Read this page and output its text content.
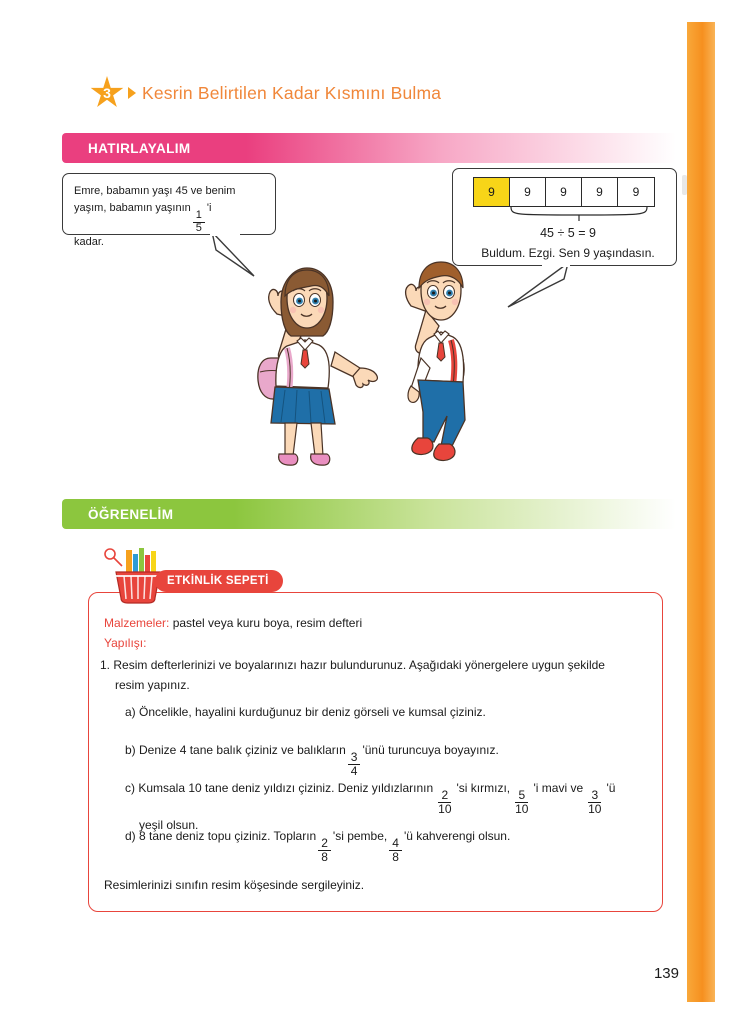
3 Kesrin Belirtilen Kadar Kısmını Bulma
HATIRLAYALIM
Emre, babamın yaşı 45 ve benim
yaşım, babamın yaşının
$\frac{1}{5}$
'i
kadar.
9	9	9	9	9
45 ÷ 5 = 9
Buldum. Ezgi. Sen 9 yaşındasın.
ÖĞRENELİM
ETKİNLİK SEPETİ
Malzemeler: pastel veya kuru boya, resim defteri
Yapılışı:
1. Resim defterlerinizi ve boyalarınızı hazır bulundurunuz. Aşağıdaki yönergelere uygun şekilde
resim yapınız.
a) Öncelikle, hayalini kurduğunuz bir deniz görseli ve kumsal çiziniz.
b) Denize 4 tane balık çiziniz ve balıkların
$\frac{3}{4}$
'ünü turuncuya boyayınız.
c) Kumsala 10 tane deniz yıldızı çiziniz. Deniz yıldızlarının
$\frac{2}{10}$
'si kırmızı,
$\frac{5}{10}$
'i mavi ve
$\frac{3}{10}$
'ü
yeşil olsun.
d) 8 tane deniz topu çiziniz. Topların
$\frac{2}{8}$
'si pembe,
$\frac{4}{8}$
'ü kahverengi olsun.
Resimlerinizi sınıfın resim köşesinde sergileyiniz.
139
